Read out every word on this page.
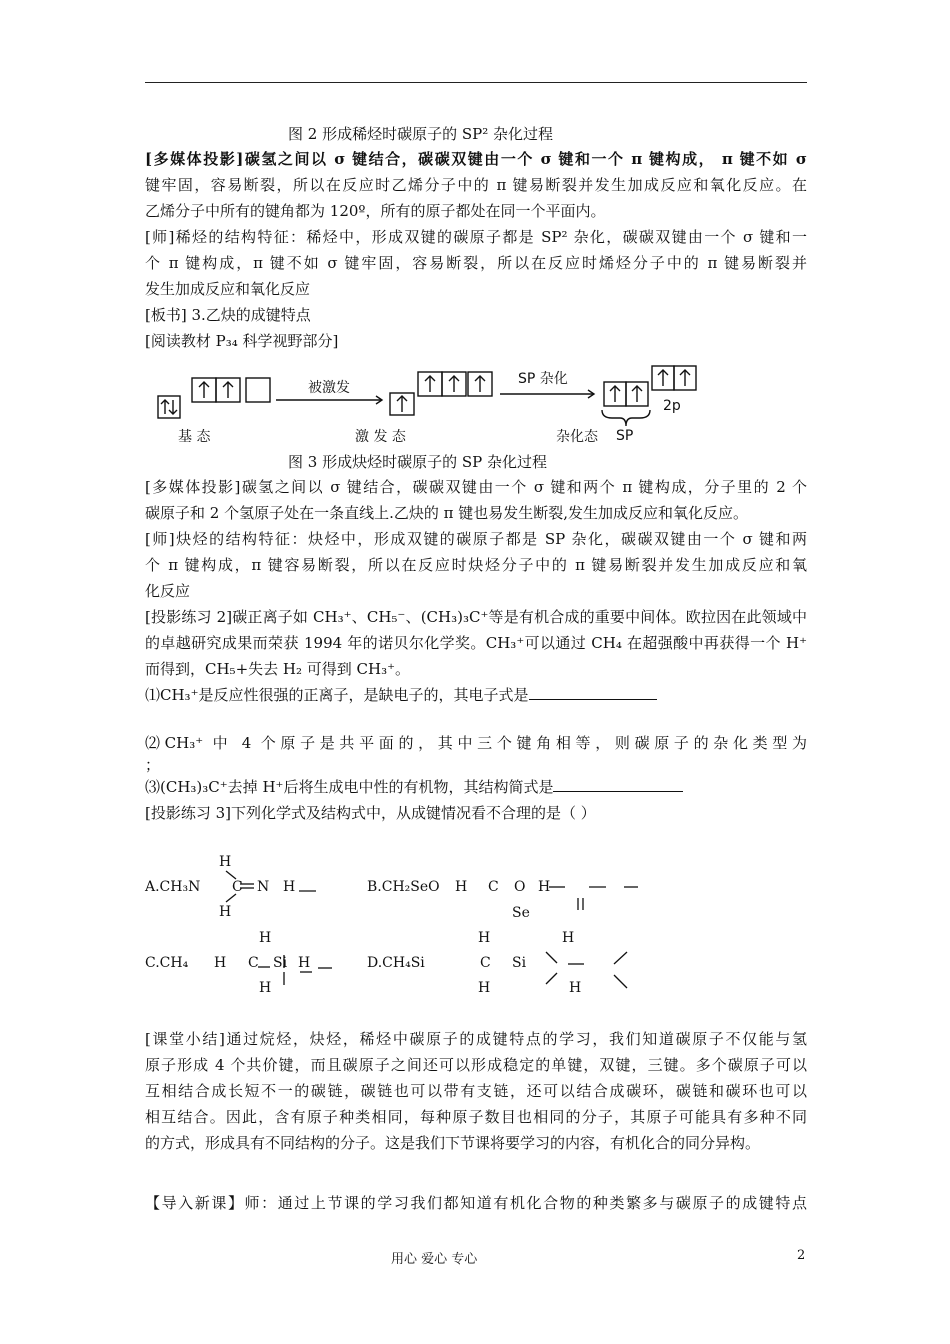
图 2 形成稀烃时碳原子的 SP² 杂化过程
[多媒体投影]碳氢之间以 σ 键结合，碳碳双键由一个 σ 键和一个 π 键构成， π 键不如 σ
键牢固，容易断裂，所以在反应时乙烯分子中的 π 键易断裂并发生加成反应和氧化反应。在
乙烯分子中所有的键角都为 120º，所有的原子都处在同一个平面内。
[师]稀烃的结构特征：稀烃中，形成双键的碳原子都是 SP² 杂化，碳碳双键由一个 σ 键和一
个 π 键构成，π 键不如 σ 键牢固，容易断裂，所以在反应时烯烃分子中的 π 键易断裂并
发生加成反应和氧化反应
[板书] 3.乙炔的成键特点
[阅读教材 P₃₄ 科学视野部分]
被激发
SP 杂化
2p
基 态	激 发 态	杂化态 SP
图 3 形成炔烃时碳原子的 SP 杂化过程
[多媒体投影]碳氢之间以 σ 键结合，碳碳双键由一个 σ 键和两个 π 键构成，分子里的 2 个
碳原子和 2 个氢原子处在一条直线上.乙炔的 π 键也易发生断裂,发生加成反应和氧化反应。
[师]炔烃的结构特征：炔烃中，形成双键的碳原子都是 SP 杂化，碳碳双键由一个 σ 键和两
个 π 键构成，π 键容易断裂，所以在反应时炔烃分子中的 π 键易断裂并发生加成反应和氧
化反应
[投影练习 2]碳正离子如 CH₃⁺、CH₅⁻、(CH₃)₃C⁺等是有机合成的重要中间体。欧拉因在此领域中
的卓越研究成果而荣获 1994 年的诺贝尔化学奖。CH₃⁺可以通过 CH₄ 在超强酸中再获得一个 H⁺
而得到，CH₅+失去 H₂ 可得到 CH₃⁺。
⑴CH₃⁺是反应性很强的正离子，是缺电子的，其电子式是
⑵CH₃⁺ 中 4 个原子是共平面的，其中三个键角相等，则碳原子的杂化类型为
；
⑶(CH₃)₃C⁺去掉 H⁺后将生成电中性的有机物，其结构简式是
[投影练习 3]下列化学式及结构式中，从成键情况看不合理的是（ ）
A.CH₃N	B.CH₂SeO
C.CH₄	D.CH₄Si
H
H
C N H	H C O H
Se
H
H C Si H
H
H	H
C Si
H	H
[课堂小结]通过烷烃，炔烃，稀烃中碳原子的成键特点的学习，我们知道碳原子不仅能与氢
原子形成 4 个共价键，而且碳原子之间还可以形成稳定的单键，双键，三键。多个碳原子可以
互相结合成长短不一的碳链，碳链也可以带有支链，还可以结合成碳环，碳链和碳环也可以
相互结合。因此，含有原子种类相同，每种原子数目也相同的分子，其原子可能具有多种不同
的方式，形成具有不同结构的分子。这是我们下节课将要学习的内容，有机化合的同分异构。
【导入新课】师：通过上节课的学习我们都知道有机化合物的种类繁多与碳原子的成键特点
用心 爱心 专心	2
